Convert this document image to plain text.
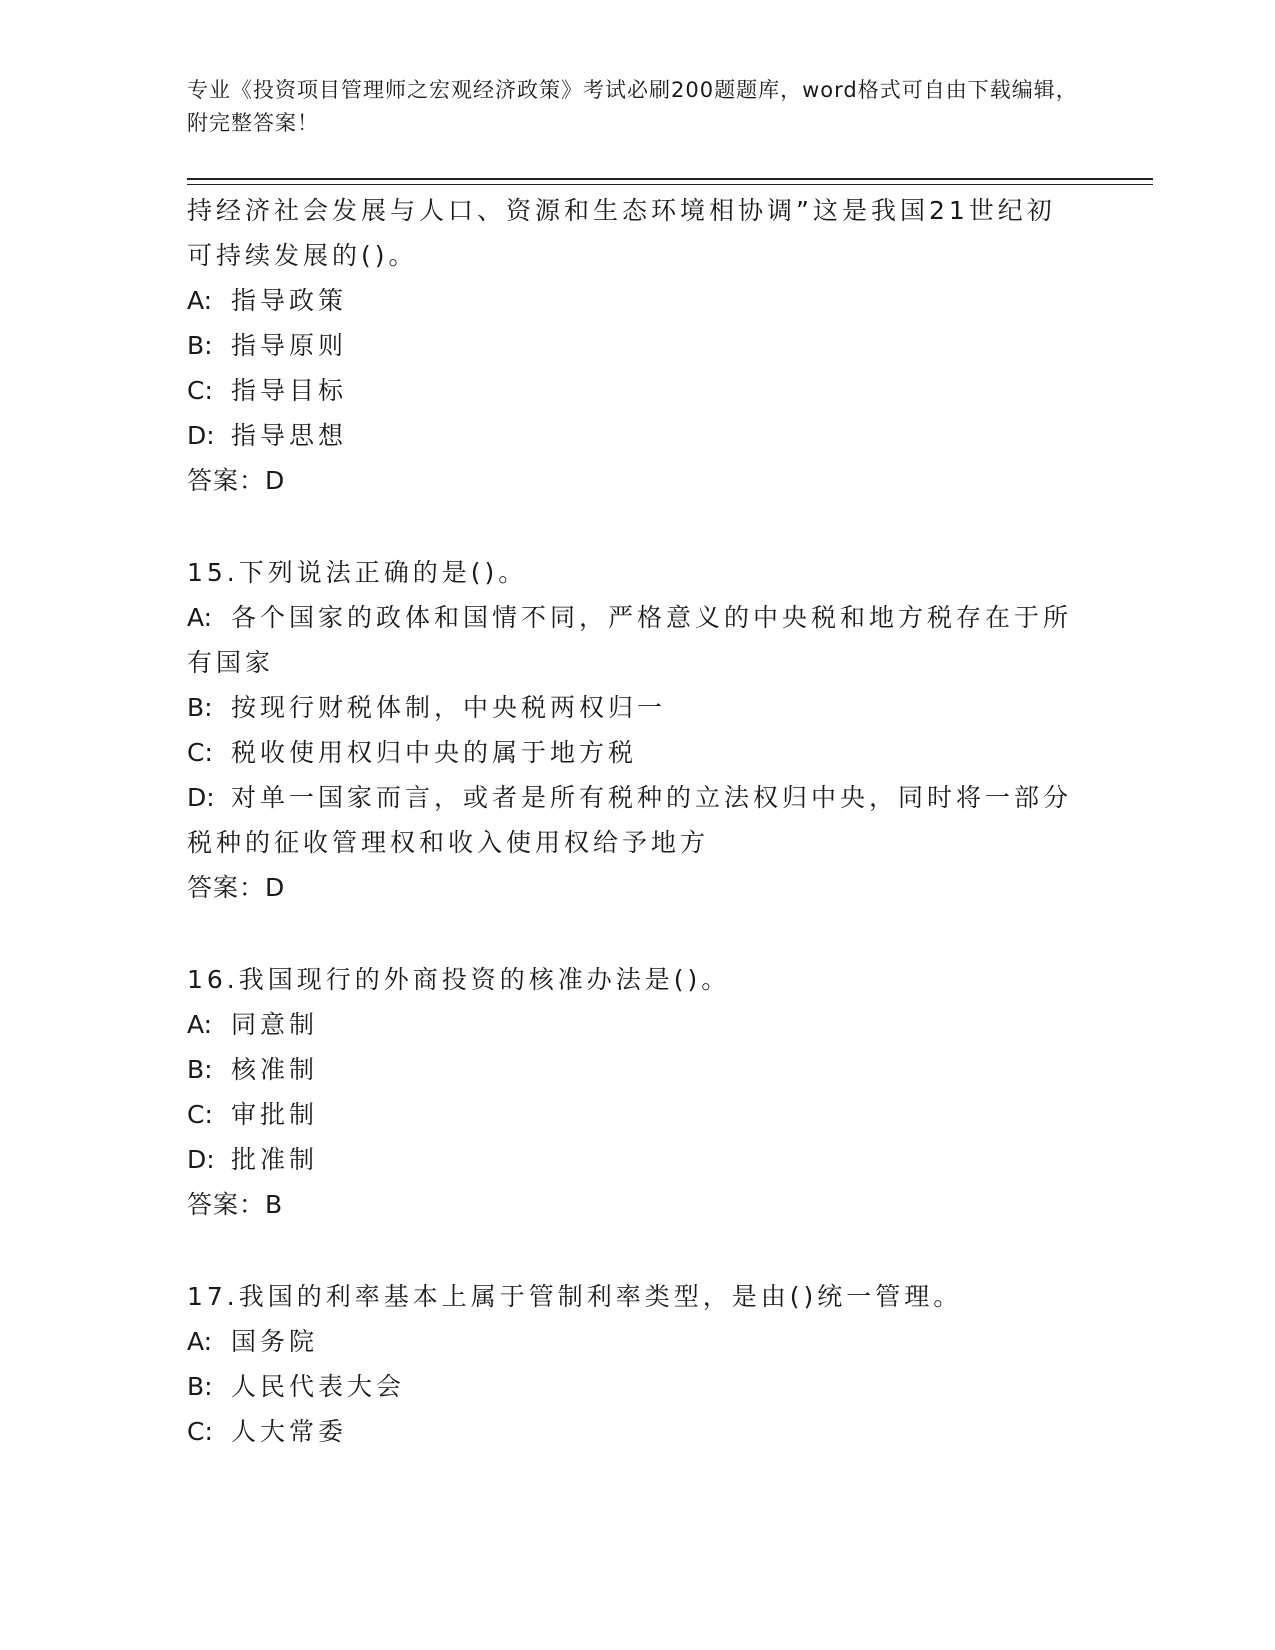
专业《投资项目管理师之宏观经济政策》考试必刷200题题库，word格式可自由下载编辑，附完整答案！
持经济社会发展与人口、资源和生态环境相协调”这是我国21世纪初
可持续发展的()。
A: 指导政策
B: 指导原则
C: 指导目标
D: 指导思想
答案：D
15.下列说法正确的是()。
A: 各个国家的政体和国情不同，严格意义的中央税和地方税存在于所
有国家
B: 按现行财税体制，中央税两权归一
C: 税收使用权归中央的属于地方税
D: 对单一国家而言，或者是所有税种的立法权归中央，同时将一部分
税种的征收管理权和收入使用权给予地方
答案：D
16.我国现行的外商投资的核准办法是()。
A: 同意制
B: 核准制
C: 审批制
D: 批准制
答案：B
17.我国的利率基本上属于管制利率类型，是由()统一管理。
A: 国务院
B: 人民代表大会
C: 人大常委
